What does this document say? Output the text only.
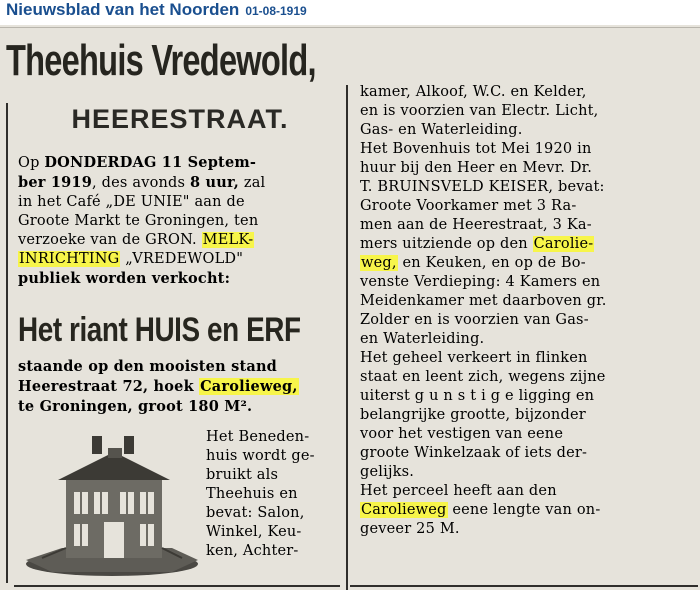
Nieuwsblad van het Noorden 01-08-1919
Theehuis Vredewold,
HEERESTRAAT.
Op DONDERDAG 11 Septem-
ber 1919, des avonds 8 uur, zal
in het Café „DE UNIE" aan de
Groote Markt te Groningen, ten
verzoeke van de GRON. MELK-
INRICHTING „VREDEWOLD"
publiek worden verkocht:
Het riant HUIS en ERF
staande op den mooisten stand
Heerestraat 72, hoek Carolieweg,
te Groningen, groot 180 M².
Het Beneden-
huis wordt ge-
bruikt als
Theehuis en
bevat: Salon,
Winkel, Keu-
ken, Achter-
kamer, Alkoof, W.C. en Kelder,
en is voorzien van Electr. Licht,
Gas- en Waterleiding.
Het Bovenhuis tot Mei 1920 in
huur bij den Heer en Mevr. Dr.
T. BRUINSVELD KEISER, bevat:
Groote Voorkamer met 3 Ra-
men aan de Heerestraat, 3 Ka-
mers uitziende op den Carolie-
weg, en Keuken, en op de Bo-
venste Verdieping: 4 Kamers en
Meidenkamer met daarboven gr.
Zolder en is voorzien van Gas-
en Waterleiding.
Het geheel verkeert in flinken
staat en leent zich, wegens zijne
uiterst g u n s t i g e ligging en
belangrijke grootte, bijzonder
voor het vestigen van eene
groote Winkelzaak of iets der-
gelijks.
Het perceel heeft aan den
Carolieweg eene lengte van on-
geveer 25 M.
